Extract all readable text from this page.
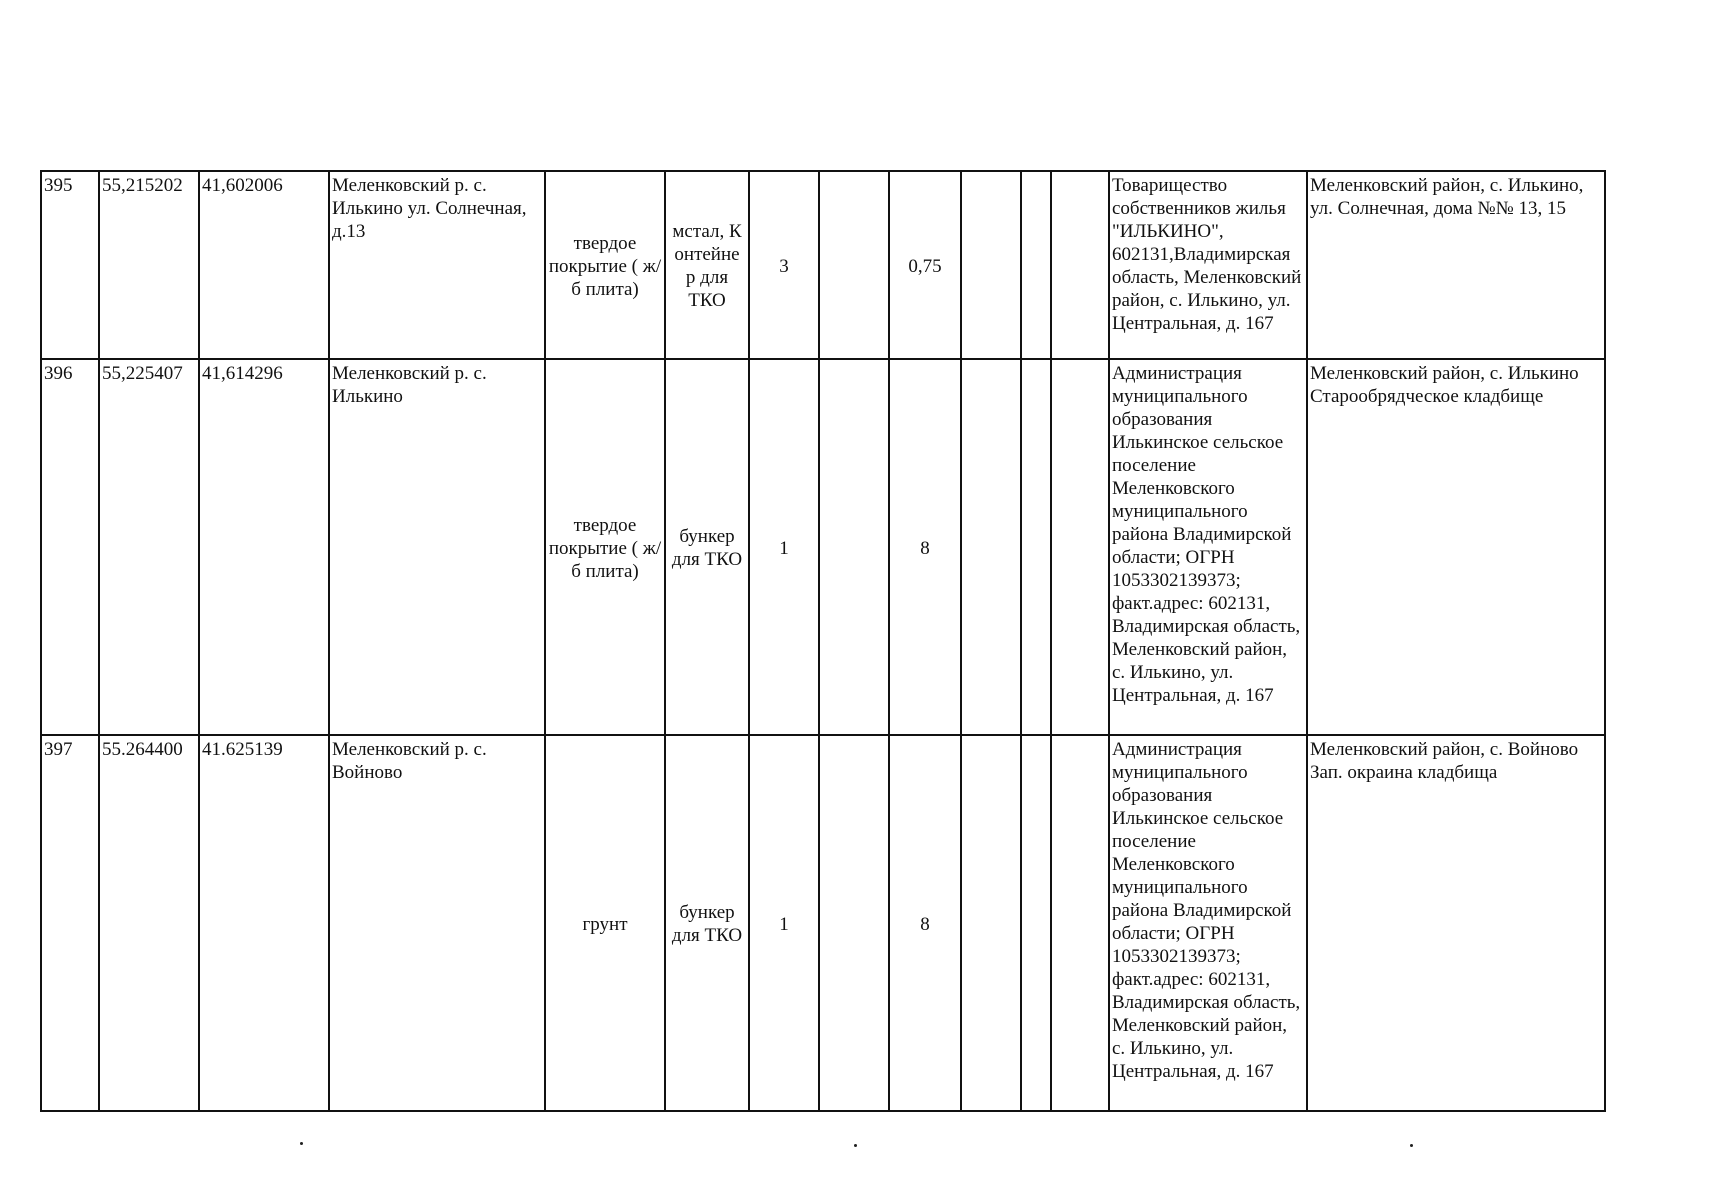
395	55,215202	41,602006	Меленковский р. с. Илькино ул. Солнечная, д.13	твердое покрытие ( ж/б плита)	мстал, К онтейне р для ТКО	3		0,75				Товарищество собственников жилья "ИЛЬКИНО", 602131,Владимирская область, Меленковский район, с. Илькино, ул. Центральная, д. 167	Меленковский район, с. Илькино, ул. Солнечная, дома №№ 13, 15
396	55,225407	41,614296	Меленковский р. с. Илькино	твердое покрытие ( ж/б плита)	бункер для ТКО	1		8				Администрация муниципального образования Илькинское сельское поселение Меленковского муниципального района Владимирской области; ОГРН 1053302139373; факт.адрес: 602131, Владимирская область, Меленковский район, с. Илькино, ул. Центральная, д. 167	Меленковский район, с. Илькино Старообрядческое кладбище
397	55.264400	41.625139	Меленковский р. с. Войново	грунт	бункер для ТКО	1		8				Администрация муниципального образования Илькинское сельское поселение Меленковского муниципального района Владимирской области; ОГРН 1053302139373; факт.адрес: 602131, Владимирская область, Меленковский район, с. Илькино, ул. Центральная, д. 167	Меленковский район, с. Войново Зап. окраина кладбища
